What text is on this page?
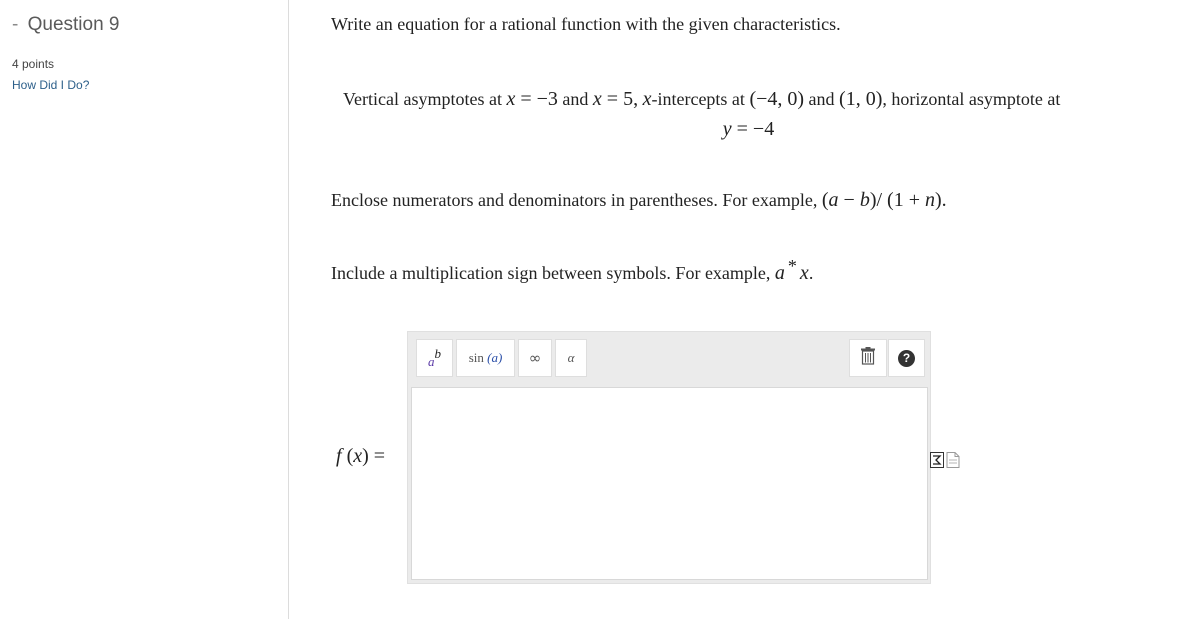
- Question 9
4 points
How Did I Do?
Write an equation for a rational function with the given characteristics.
Vertical asymptotes at x = −3 and x = 5, x-intercepts at (−4, 0) and (1, 0), horizontal asymptote at
y = −4
Enclose numerators and denominators in parentheses. For example, (a − b)/ (1 + n).
Include a multiplication sign between symbols. For example, a * x.
a
b sin
(a) ∞ α	?
f (x) =
